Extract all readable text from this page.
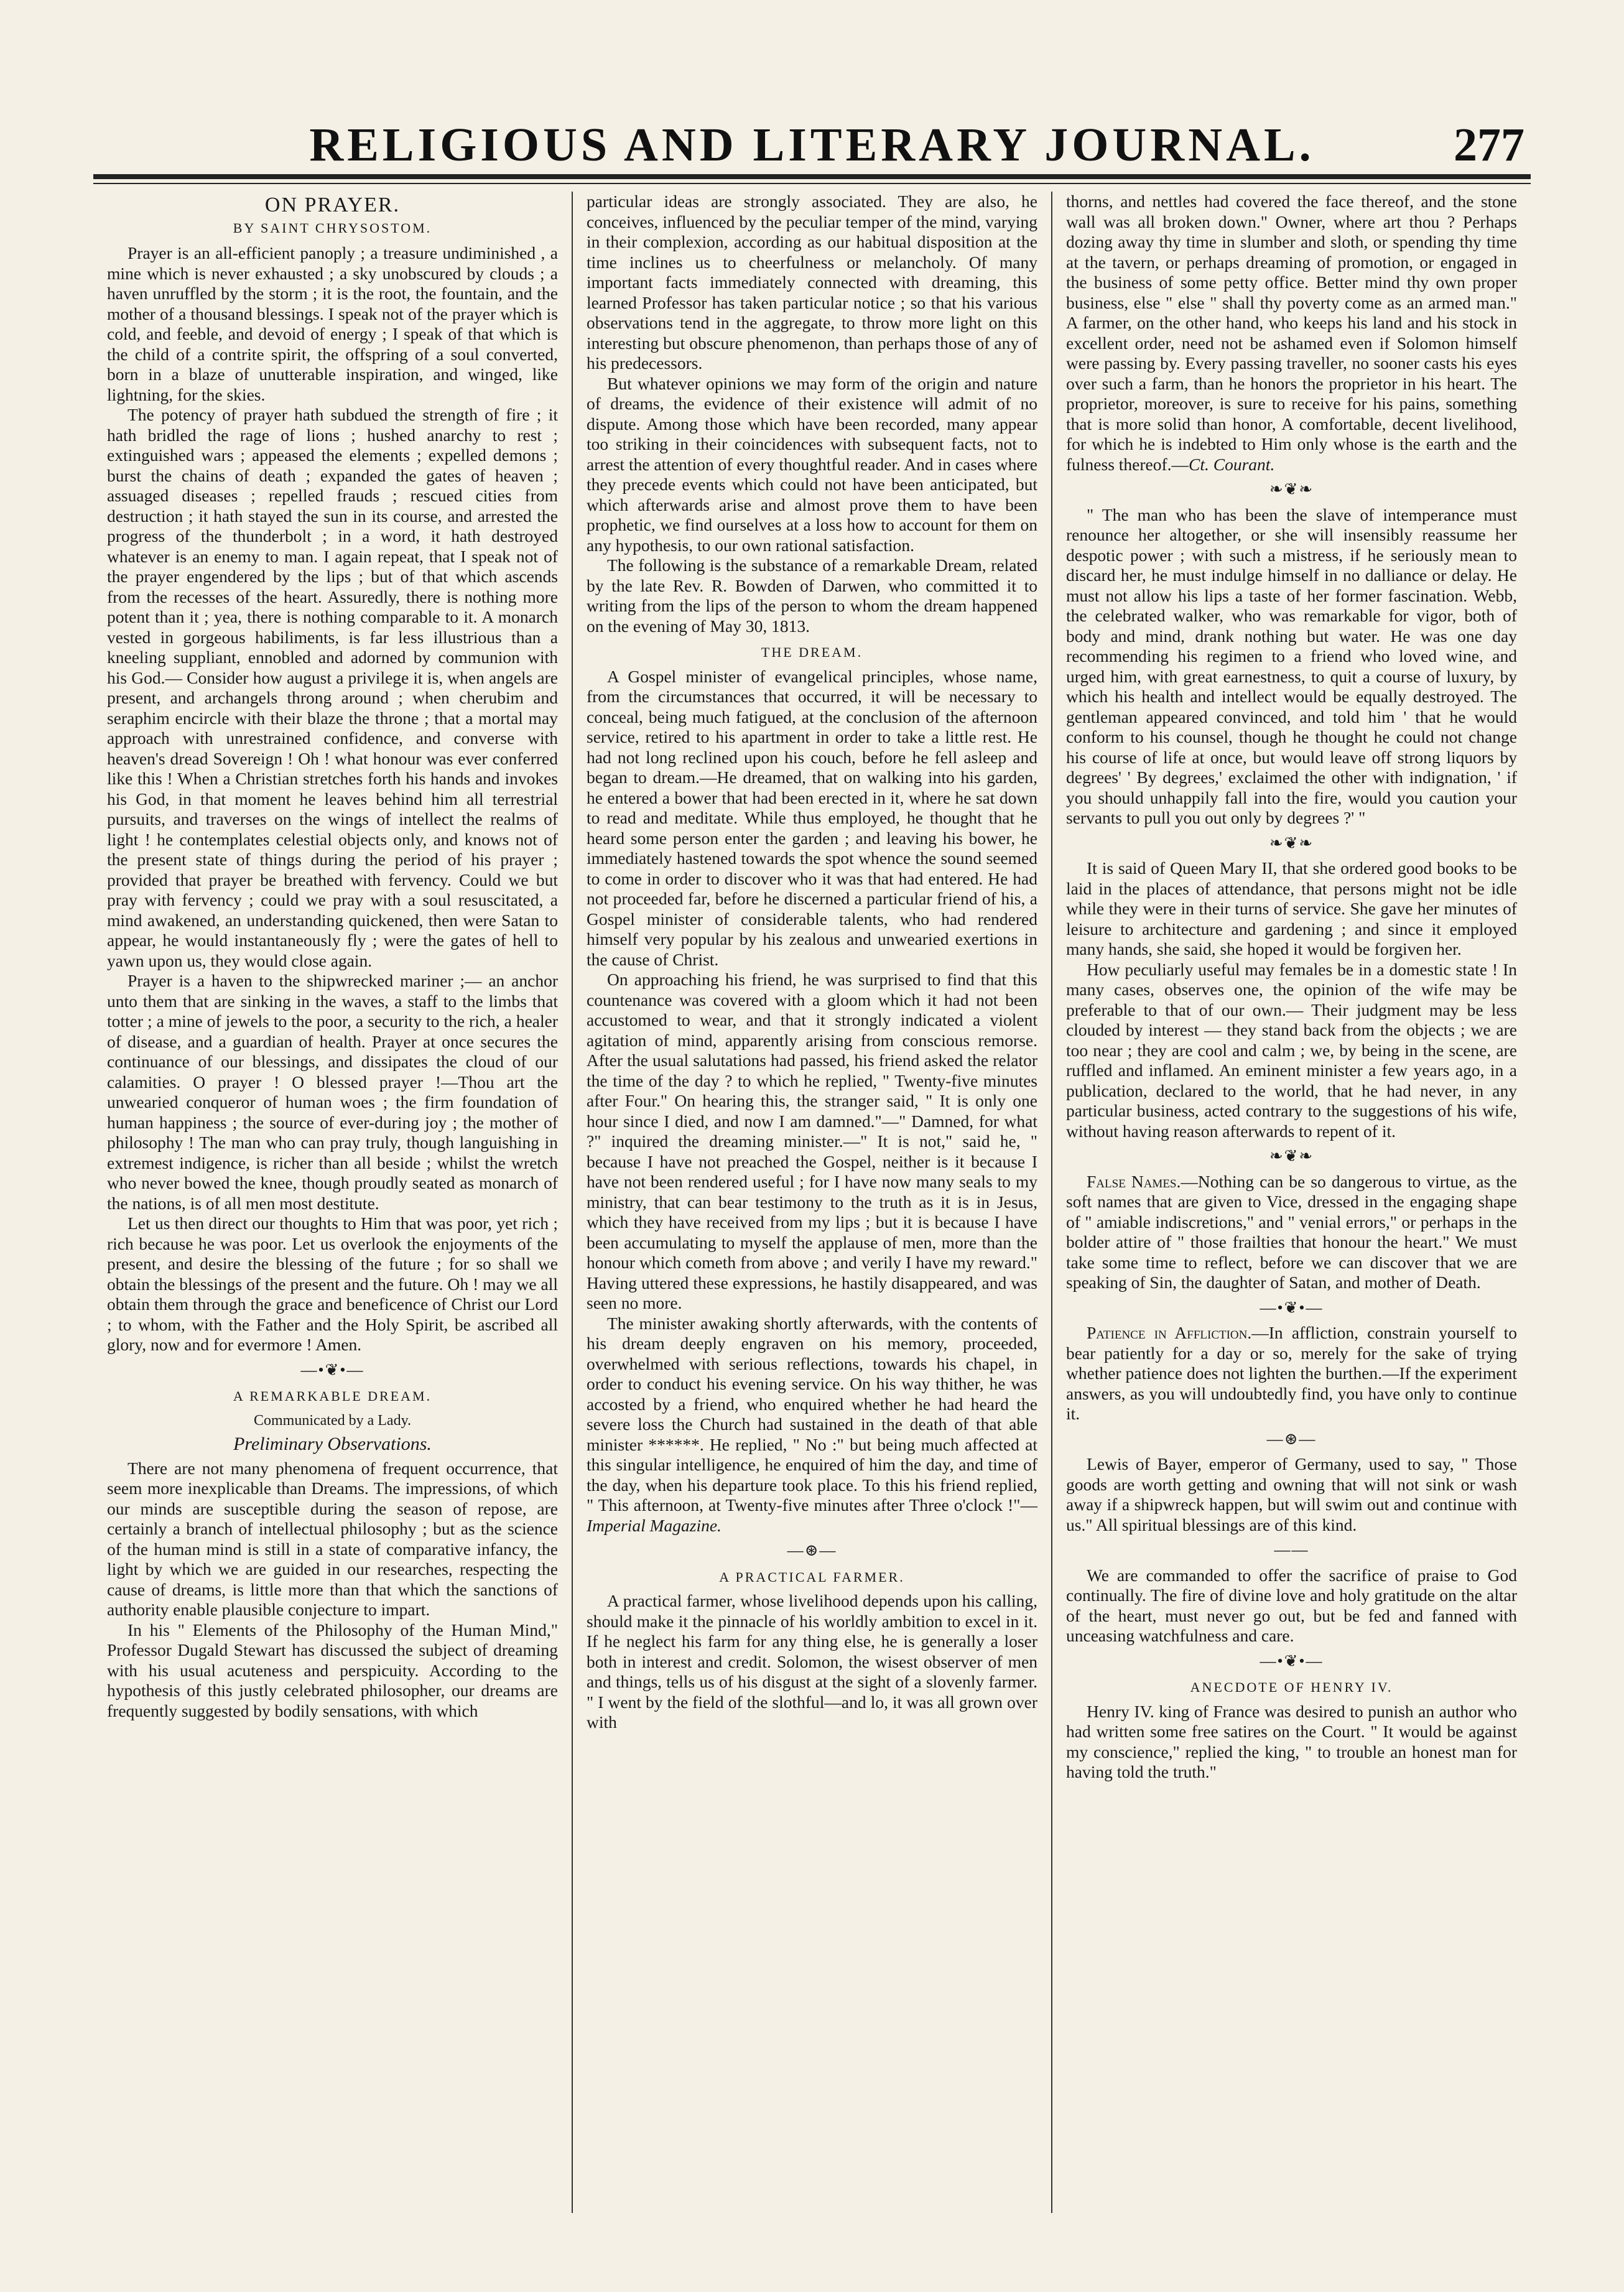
RELIGIOUS AND LITERARY JOURNAL.	277
ON PRAYER.
BY SAINT CHRYSOSTOM.

Prayer is an all-efficient panoply ; a treasure undiminished , a mine which is never exhausted ; a sky unobscured by clouds ; a haven unruffled by the storm ; it is the root, the fountain, and the mother of a thousand blessings. I speak not of the prayer which is cold, and feeble, and devoid of energy ; I speak of that which is the child of a contrite spirit, the offspring of a soul converted, born in a blaze of unutterable inspiration, and winged, like lightning, for the skies.

The potency of prayer hath subdued the strength of fire ; it hath bridled the rage of lions ; hushed anarchy to rest ; extinguished wars ; appeased the elements ; expelled demons ; burst the chains of death ; expanded the gates of heaven ; assuaged diseases ; repelled frauds ; rescued cities from destruction ; it hath stayed the sun in its course, and arrested the progress of the thunderbolt ; in a word, it hath destroyed whatever is an enemy to man. I again repeat, that I speak not of the prayer engendered by the lips ; but of that which ascends from the recesses of the heart. Assuredly, there is nothing more potent than it ; yea, there is nothing comparable to it. A monarch vested in gorgeous habiliments, is far less illustrious than a kneeling suppliant, ennobled and adorned by communion with his God.— Consider how august a privilege it is, when angels are present, and archangels throng around ; when cherubim and seraphim encircle with their blaze the throne ; that a mortal may approach with unrestrained confidence, and converse with heaven's dread Sovereign ! Oh ! what honour was ever conferred like this ! When a Christian stretches forth his hands and invokes his God, in that moment he leaves behind him all terrestrial pursuits, and traverses on the wings of intellect the realms of light ! he contemplates celestial objects only, and knows not of the present state of things during the period of his prayer ; provided that prayer be breathed with fervency. Could we but pray with fervency ; could we pray with a soul resuscitated, a mind awakened, an understanding quickened, then were Satan to appear, he would instantaneously fly ; were the gates of hell to yawn upon us, they would close again.

Prayer is a haven to the shipwrecked mariner ;— an anchor unto them that are sinking in the waves, a staff to the limbs that totter ; a mine of jewels to the poor, a security to the rich, a healer of disease, and a guardian of health. Prayer at once secures the continuance of our blessings, and dissipates the cloud of our calamities. O prayer ! O blessed prayer !—Thou art the unwearied conqueror of human woes ; the firm foundation of human happiness ; the source of ever-during joy ; the mother of philosophy ! The man who can pray truly, though languishing in extremest indigence, is richer than all beside ; whilst the wretch who never bowed the knee, though proudly seated as monarch of the nations, is of all men most destitute.

Let us then direct our thoughts to Him that was poor, yet rich ; rich because he was poor. Let us overlook the enjoyments of the present, and desire the blessing of the future ; for so shall we obtain the blessings of the present and the future. Oh ! may we all obtain them through the grace and beneficence of Christ our Lord ; to whom, with the Father and the Holy Spirit, be ascribed all glory, now and for evermore ! Amen.

—•❦•—
A REMARKABLE DREAM.
Communicated by a Lady.
Preliminary Observations.

There are not many phenomena of frequent occurrence, that seem more inexplicable than Dreams. The impressions, of which our minds are susceptible during the season of repose, are certainly a branch of intellectual philosophy ; but as the science of the human mind is still in a state of comparative infancy, the light by which we are guided in our researches, respecting the cause of dreams, is little more than that which the sanctions of authority enable plausible conjecture to impart.

In his " Elements of the Philosophy of the Human Mind," Professor Dugald Stewart has discussed the subject of dreaming with his usual acuteness and perspicuity. According to the hypothesis of this justly celebrated philosopher, our dreams are frequently suggested by bodily sensations, with which

particular ideas are strongly associated. They are also, he conceives, influenced by the peculiar temper of the mind, varying in their complexion, according as our habitual disposition at the time inclines us to cheerfulness or melancholy. Of many important facts immediately connected with dreaming, this learned Professor has taken particular notice ; so that his various observations tend in the aggregate, to throw more light on this interesting but obscure phenomenon, than perhaps those of any of his predecessors.

But whatever opinions we may form of the origin and nature of dreams, the evidence of their existence will admit of no dispute. Among those which have been recorded, many appear too striking in their coincidences with subsequent facts, not to arrest the attention of every thoughtful reader. And in cases where they precede events which could not have been anticipated, but which afterwards arise and almost prove them to have been prophetic, we find ourselves at a loss how to account for them on any hypothesis, to our own rational satisfaction.

The following is the substance of a remarkable Dream, related by the late Rev. R. Bowden of Darwen, who committed it to writing from the lips of the person to whom the dream happened on the evening of May 30, 1813.

THE DREAM.

A Gospel minister of evangelical principles, whose name, from the circumstances that occurred, it will be necessary to conceal, being much fatigued, at the conclusion of the afternoon service, retired to his apartment in order to take a little rest. He had not long reclined upon his couch, before he fell asleep and began to dream.—He dreamed, that on walking into his garden, he entered a bower that had been erected in it, where he sat down to read and meditate. While thus employed, he thought that he heard some person enter the garden ; and leaving his bower, he immediately hastened towards the spot whence the sound seemed to come in order to discover who it was that had entered. He had not proceeded far, before he discerned a particular friend of his, a Gospel minister of considerable talents, who had rendered himself very popular by his zealous and unwearied exertions in the cause of Christ.

On approaching his friend, he was surprised to find that this countenance was covered with a gloom which it had not been accustomed to wear, and that it strongly indicated a violent agitation of mind, apparently arising from conscious remorse. After the usual salutations had passed, his friend asked the relator the time of the day ? to which he replied, " Twenty-five minutes after Four." On hearing this, the stranger said, " It is only one hour since I died, and now I am damned."—" Damned, for what ?" inquired the dreaming minister.—" It is not," said he, " because I have not preached the Gospel, neither is it because I have not been rendered useful ; for I have now many seals to my ministry, that can bear testimony to the truth as it is in Jesus, which they have received from my lips ; but it is because I have been accumulating to myself the applause of men, more than the honour which cometh from above ; and verily I have my reward." Having uttered these expressions, he hastily disappeared, and was seen no more.

The minister awaking shortly afterwards, with the contents of his dream deeply engraven on his memory, proceeded, overwhelmed with serious reflections, towards his chapel, in order to conduct his evening service. On his way thither, he was accosted by a friend, who enquired whether he had heard the severe loss the Church had sustained in the death of that able minister ******. He replied, " No :" but being much affected at this singular intelligence, he enquired of him the day, and time of the day, when his departure took place. To this his friend replied, " This afternoon, at Twenty-five minutes after Three o'clock !"—Imperial Magazine.

—⊛—
A PRACTICAL FARMER.

A practical farmer, whose livelihood depends upon his calling, should make it the pinnacle of his worldly ambition to excel in it. If he neglect his farm for any thing else, he is generally a loser both in interest and credit. Solomon, the wisest observer of men and things, tells us of his disgust at the sight of a slovenly farmer. " I went by the field of the slothful—and lo, it was all grown over with

thorns, and nettles had covered the face thereof, and the stone wall was all broken down." Owner, where art thou ? Perhaps dozing away thy time in slumber and sloth, or spending thy time at the tavern, or perhaps dreaming of promotion, or engaged in the business of some petty office. Better mind thy own proper business, else " else " shall thy poverty come as an armed man." A farmer, on the other hand, who keeps his land and his stock in excellent order, need not be ashamed even if Solomon himself were passing by. Every passing traveller, no sooner casts his eyes over such a farm, than he honors the proprietor in his heart. The proprietor, moreover, is sure to receive for his pains, something that is more solid than honor, A comfortable, decent livelihood, for which he is indebted to Him only whose is the earth and the fulness thereof.—Ct. Courant.

❧❦❧

" The man who has been the slave of intemperance must renounce her altogether, or she will insensibly reassume her despotic power ; with such a mistress, if he seriously mean to discard her, he must indulge himself in no dalliance or delay. He must not allow his lips a taste of her former fascination. Webb, the celebrated walker, who was remarkable for vigor, both of body and mind, drank nothing but water. He was one day recommending his regimen to a friend who loved wine, and urged him, with great earnestness, to quit a course of luxury, by which his health and intellect would be equally destroyed. The gentleman appeared convinced, and told him ' that he would conform to his counsel, though he thought he could not change his course of life at once, but would leave off strong liquors by degrees' ' By degrees,' exclaimed the other with indignation, ' if you should unhappily fall into the fire, would you caution your servants to pull you out only by degrees ?' "

❧❦❧

It is said of Queen Mary II, that she ordered good books to be laid in the places of attendance, that persons might not be idle while they were in their turns of service. She gave her minutes of leisure to architecture and gardening ; and since it employed many hands, she said, she hoped it would be forgiven her.

How peculiarly useful may females be in a domestic state ! In many cases, observes one, the opinion of the wife may be preferable to that of our own.— Their judgment may be less clouded by interest — they stand back from the objects ; we are too near ; they are cool and calm ; we, by being in the scene, are ruffled and inflamed. An eminent minister a few years ago, in a publication, declared to the world, that he had never, in any particular business, acted contrary to the suggestions of his wife, without having reason afterwards to repent of it.

❧❦❧

False Names.—Nothing can be so dangerous to virtue, as the soft names that are given to Vice, dressed in the engaging shape of " amiable indiscretions," and " venial errors," or perhaps in the bolder attire of " those frailties that honour the heart." We must take some time to reflect, before we can discover that we are speaking of Sin, the daughter of Satan, and mother of Death.

—•❦•—

Patience in Affliction.—In affliction, constrain yourself to bear patiently for a day or so, merely for the sake of trying whether patience does not lighten the burthen.—If the experiment answers, as you will undoubtedly find, you have only to continue it.

—⊛—

Lewis of Bayer, emperor of Germany, used to say, " Those goods are worth getting and owning that will not sink or wash away if a shipwreck happen, but will swim out and continue with us." All spiritual blessings are of this kind.

——

We are commanded to offer the sacrifice of praise to God continually. The fire of divine love and holy gratitude on the altar of the heart, must never go out, but be fed and fanned with unceasing watchfulness and care.

—•❦•—
ANECDOTE OF HENRY IV.

Henry IV. king of France was desired to punish an author who had written some free satires on the Court. " It would be against my conscience," replied the king, " to trouble an honest man for having told the truth."
